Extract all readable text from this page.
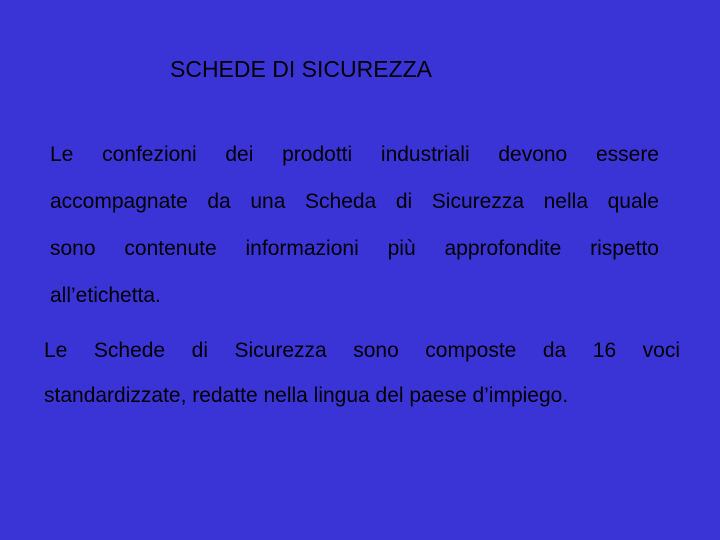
SCHEDE DI SICUREZZA
Le confezioni dei prodotti industriali devono essere
accompagnate da una Scheda di Sicurezza nella quale
sono contenute informazioni più approfondite rispetto
all’etichetta.
Le Schede di Sicurezza sono composte da 16 voci
standardizzate, redatte nella lingua del paese d’impiego.
